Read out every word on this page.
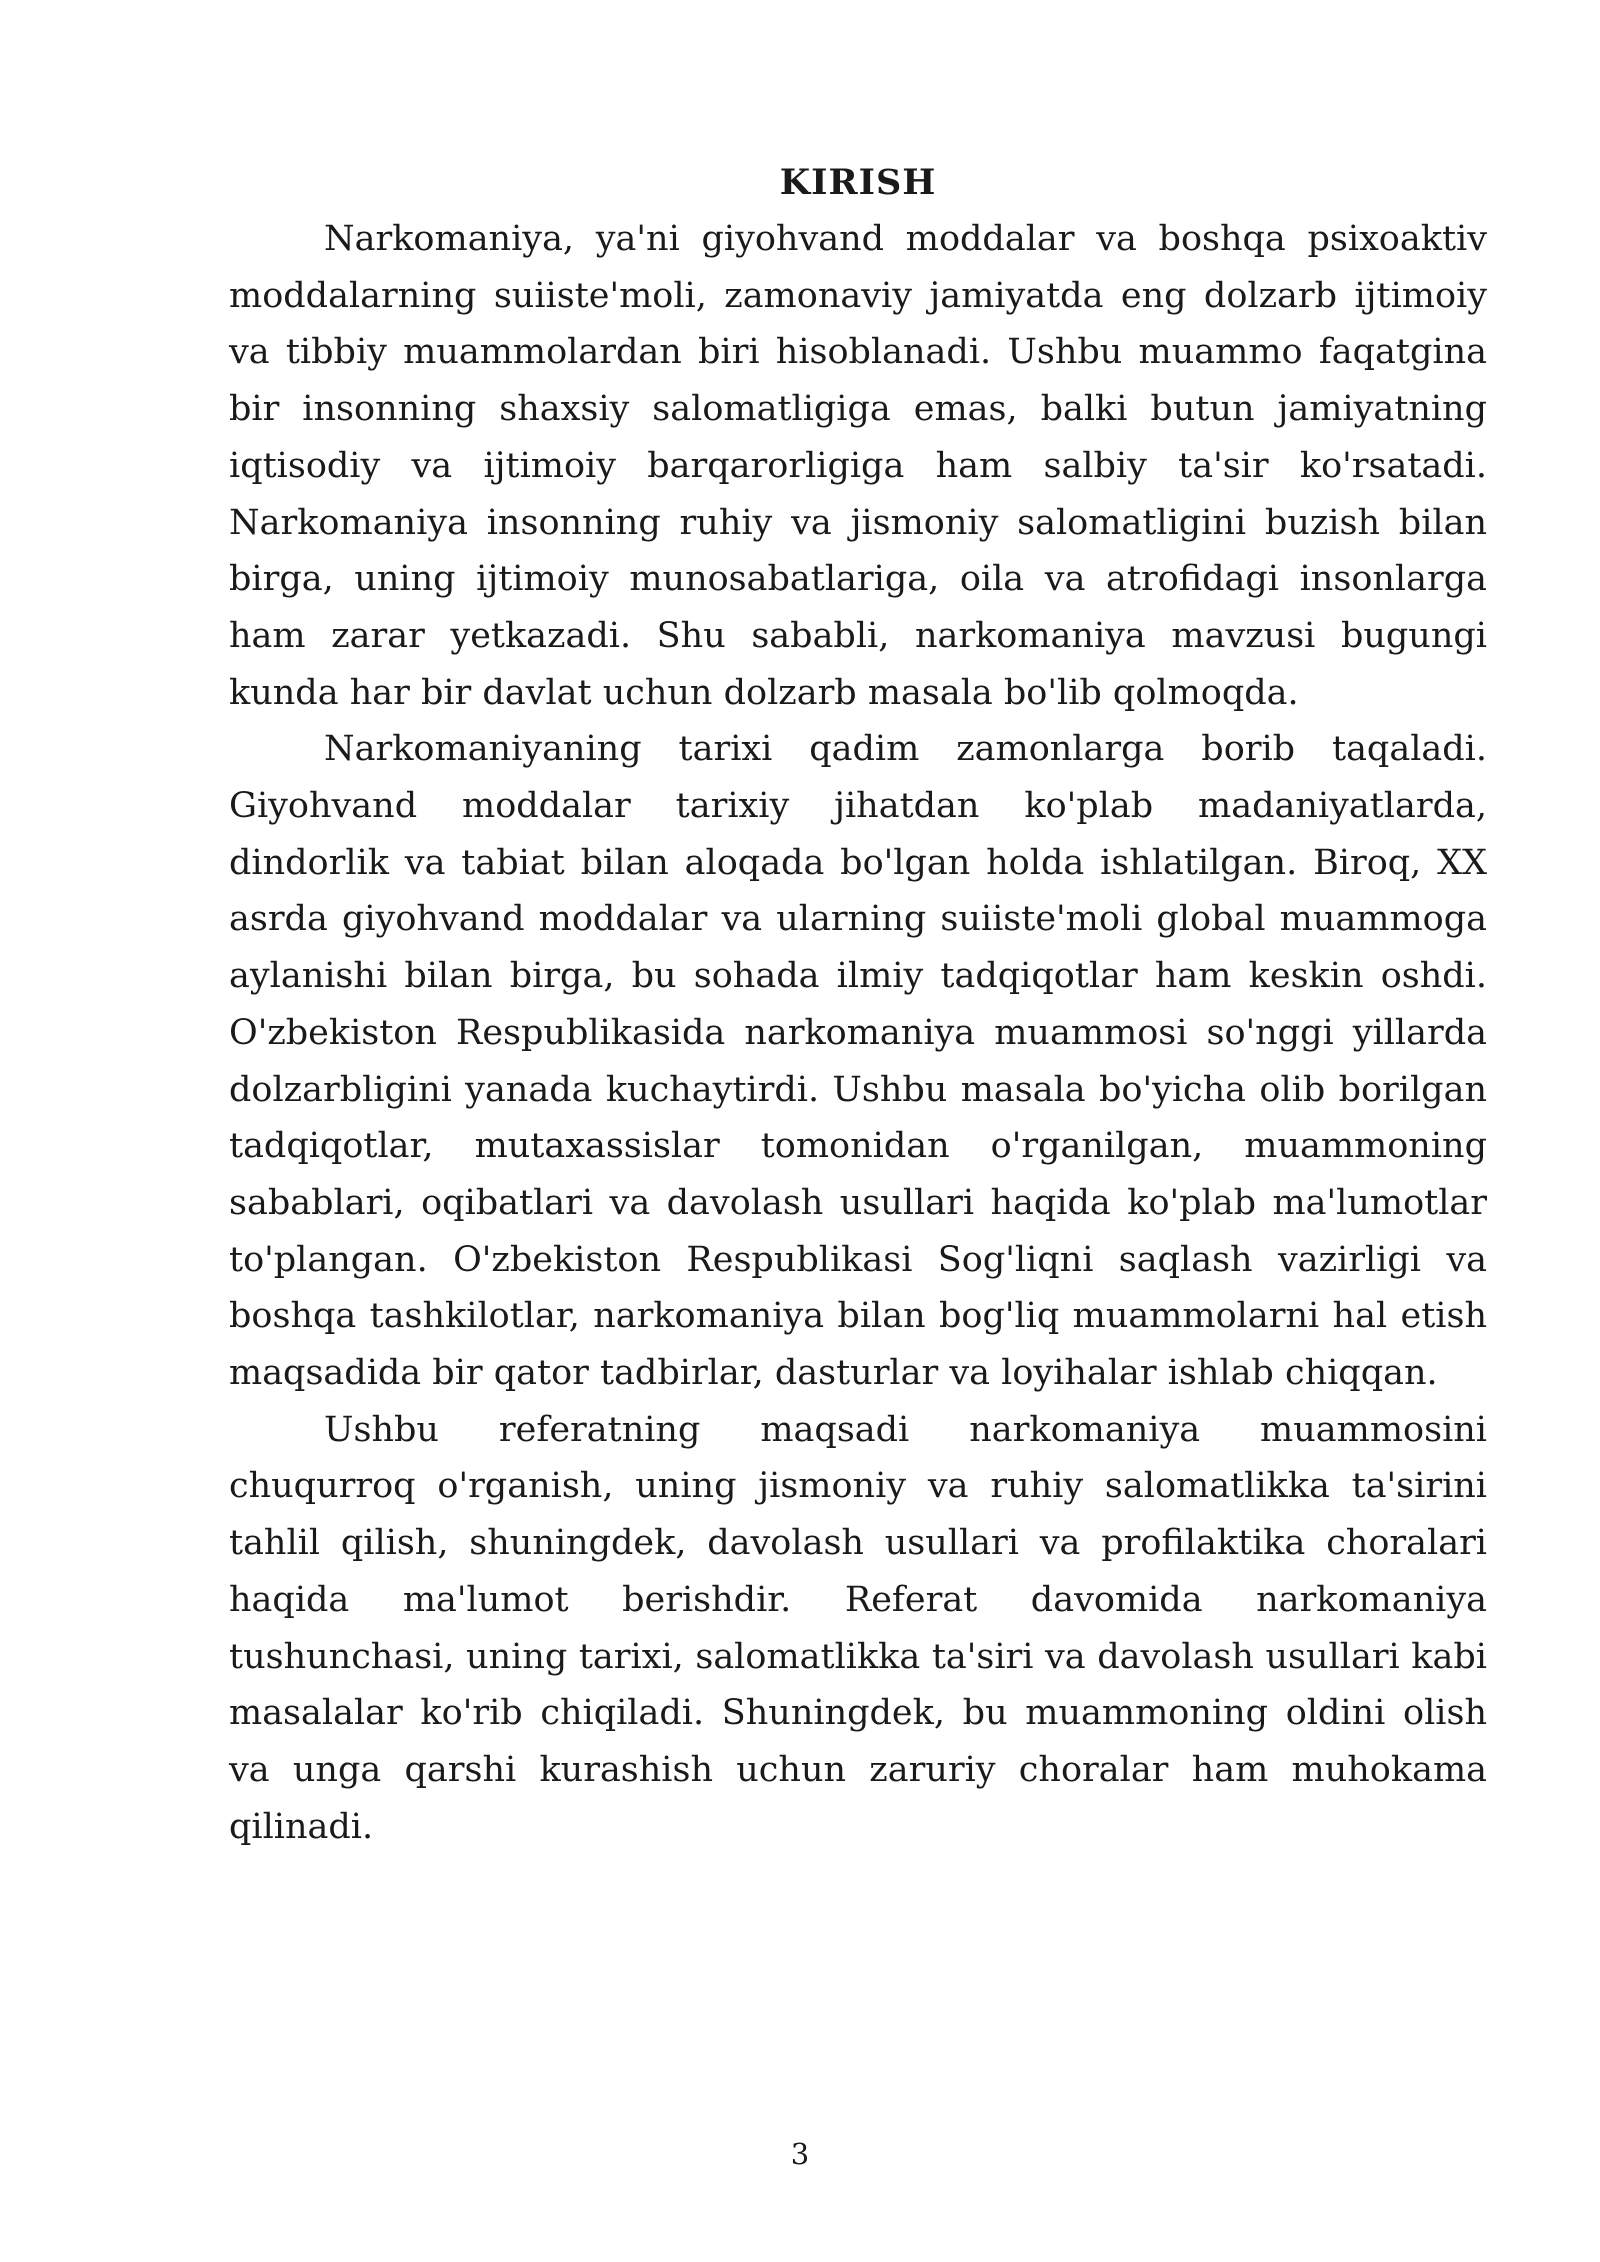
KIRISH

Narkomaniya, ya'ni giyohvand moddalar va boshqa psixoaktiv moddalarning suiiste'moli, zamonaviy jamiyatda eng dolzarb ijtimoiy va tibbiy muammolardan biri hisoblanadi. Ushbu muammo faqatgina bir insonning shaxsiy salomatligiga emas, balki butun jamiyatning iqtisodiy va ijtimoiy barqarorligiga ham salbiy ta'sir ko'rsatadi. Narkomaniya insonning ruhiy va jismoniy salomatligini buzish bilan birga, uning ijtimoiy munosabatlariga, oila va atrofidagi insonlarga ham zarar yetkazadi. Shu sababli, narkomaniya mavzusi bugungi kunda har bir davlat uchun dolzarb masala bo'lib qolmoqda.

Narkomaniyaning tarixi qadim zamonlarga borib taqaladi. Giyohvand moddalar tarixiy jihatdan ko'plab madaniyatlarda, dindorlik va tabiat bilan aloqada bo'lgan holda ishlatilgan. Biroq, XX asrda giyohvand moddalar va ularning suiiste'moli global muammoga aylanishi bilan birga, bu sohada ilmiy tadqiqotlar ham keskin oshdi. O'zbekiston Respublikasida narkomaniya muammosi so'nggi yillarda dolzarbligini yanada kuchaytirdi. Ushbu masala bo'yicha olib borilgan tadqiqotlar, mutaxassislar tomonidan o'rganilgan, muammoning sabablari, oqibatlari va davolash usullari haqida ko'plab ma'lumotlar to'plangan. O'zbekiston Respublikasi Sog'liqni saqlash vazirligi va boshqa tashkilotlar, narkomaniya bilan bog'liq muammolarni hal etish maqsadida bir qator tadbirlar, dasturlar va loyihalar ishlab chiqqan.

Ushbu referatning maqsadi narkomaniya muammosini chuqurroq o'rganish, uning jismoniy va ruhiy salomatlikka ta'sirini tahlil qilish, shuningdek, davolash usullari va profilaktika choralari haqida ma'lumot berishdir. Referat davomida narkomaniya tushunchasi, uning tarixi, salomatlikka ta'siri va davolash usullari kabi masalalar ko'rib chiqiladi. Shuningdek, bu muammoning oldini olish va unga qarshi kurashish uchun zaruriy choralar ham muhokama qilinadi.

3
